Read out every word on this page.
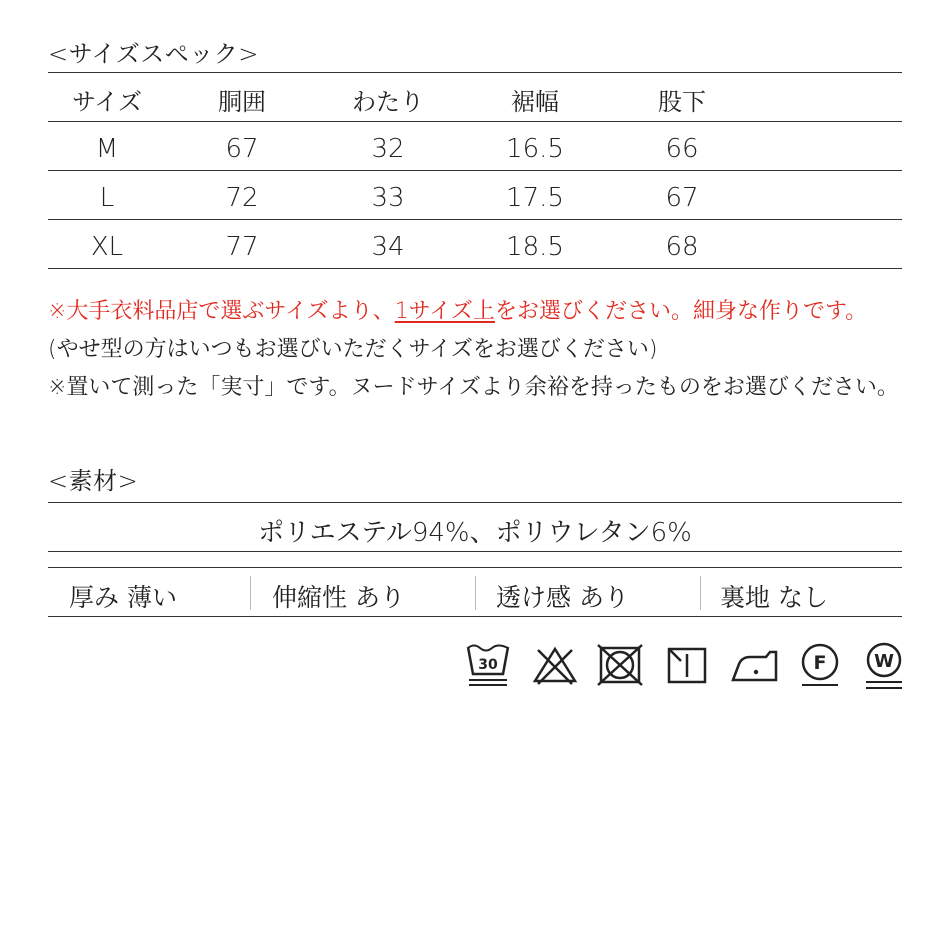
<サイズスペック>
サイズ	胴囲	わたり	裾幅	股下
M	67	32	16.5	66
L	72	33	17.5	67
XL	77	34	18.5	68
※大手衣料品店で選ぶサイズより、1サイズ上をお選びください。細身な作りです。
(やせ型の方はいつもお選びいただくサイズをお選びください)
※置いて測った「実寸」です。ヌードサイズより余裕を持ったものをお選びください。
<素材>
ポリエステル94%、ポリウレタン6%
厚み 薄い	伸縮性 あり	透け感 あり	裏地 なし
30	F	W
